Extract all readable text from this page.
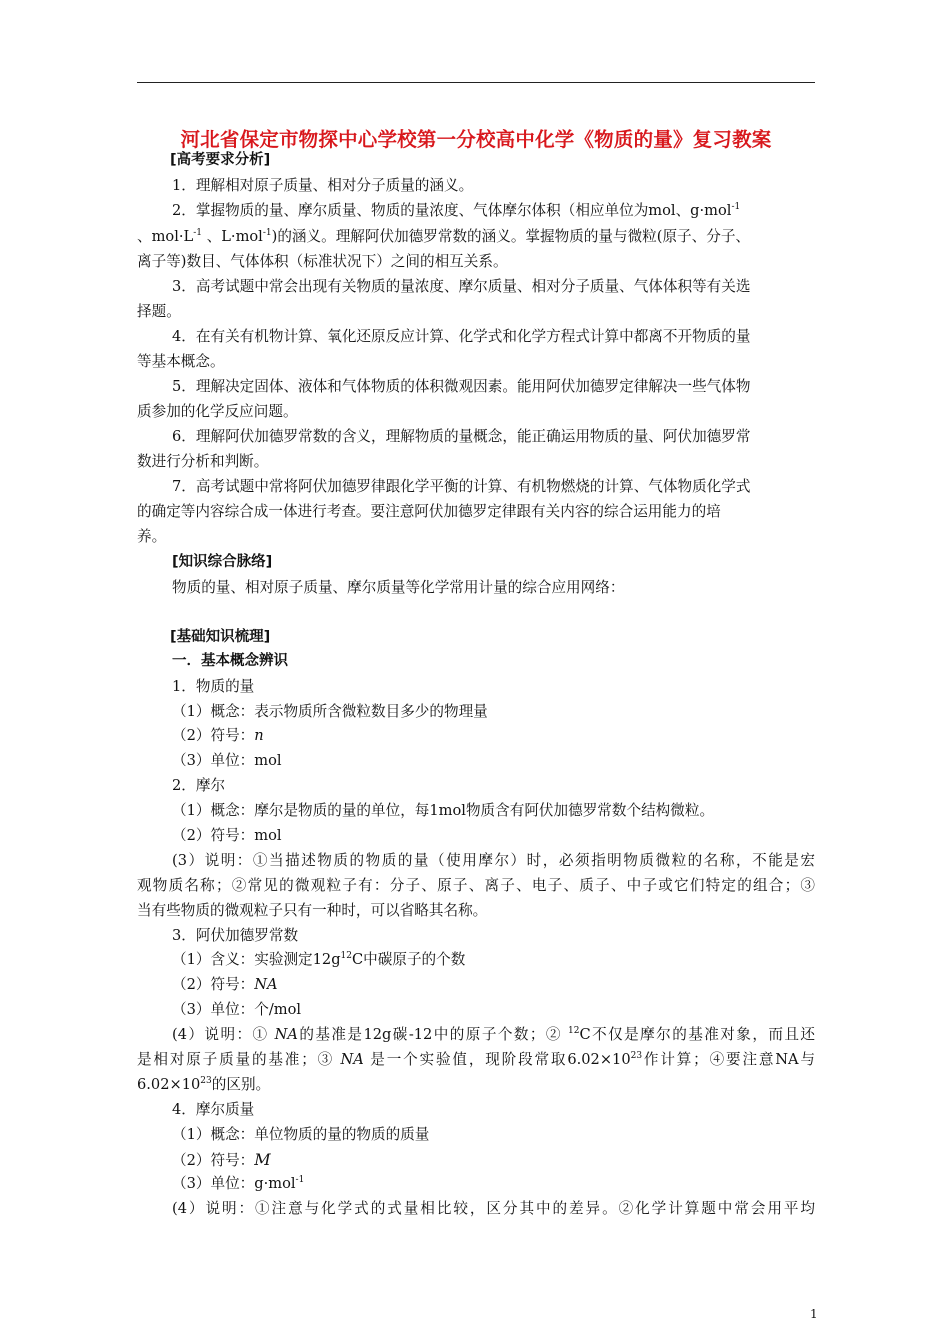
河北省保定市物探中心学校第一分校高中化学《物质的量》复习教案
[高考要求分析]
1．理解相对原子质量、相对分子质量的涵义。
2．掌握物质的量、摩尔质量、物质的量浓度、气体摩尔体积（相应单位为mol、g·mol$^{-1}$
、$mol\cdot L^{-1}$ 、L·mol$^{-1}$)的涵义。理解阿伏加德罗常数的涵义。掌握物质的量与微粒(原子、分子、
离子等)数目、气体体积（标准状况下）之间的相互关系。
3．高考试题中常会出现有关物质的量浓度、摩尔质量、相对分子质量、气体体积等有关选
择题。
4．在有关有机物计算、氧化还原反应计算、化学式和化学方程式计算中都离不开物质的量
等基本概念。
5．理解决定固体、液体和气体物质的体积微观因素。能用阿伏加德罗定律解决一些气体物
质参加的化学反应问题。
6．理解阿伏加德罗常数的含义，理解物质的量概念，能正确运用物质的量、阿伏加德罗常
数进行分析和判断。
7．高考试题中常将阿伏加德罗律跟化学平衡的计算、有机物燃烧的计算、气体物质化学式
的确定等内容综合成一体进行考查。要注意阿伏加德罗定律跟有关内容的综合运用能力的培
养。
[知识综合脉络]
物质的量、相对原子质量、摩尔质量等化学常用计量的综合应用网络：
[基础知识梳理]
一．基本概念辨识
1．物质的量
（1）概念：表示物质所含微粒数目多少的物理量
（2）符号：n
（3）单位：mol
2．摩尔
（1）概念：摩尔是物质的量的单位，每1mol物质含有阿伏加德罗常数个结构微粒。
（2）符号：mol
(3）说明：①当描述物质的物质的量（使用摩尔）时，必须指明物质微粒的名称，不能是宏
观物质名称；②常见的微观粒子有：分子、原子、离子、电子、质子、中子或它们特定的组合；③
当有些物质的微观粒子只有一种时，可以省略其名称。
3．阿伏加德罗常数
（1）含义：实验测定$12g^{12}C$中碳原子的个数
（2）符号：NA
（3）单位：个/mol
(4）说明：① NA的基准是12g碳-12中的原子个数；② $^{12}$C不仅是摩尔的基准对象，而且还
是相对原子质量的基准；③ NA 是一个实验值，现阶段常取$6.02\times 10^{23}$作计算；④要注意NA与
$6.02\times 10^{23}$的区别。
4．摩尔质量
（1）概念：单位物质的量的物质的质量
（2）符号：M
（3）单位：g·mol$^{-1}$
(4）说明：①注意与化学式的式量相比较，区分其中的差异。②化学计算题中常会用平均
1
